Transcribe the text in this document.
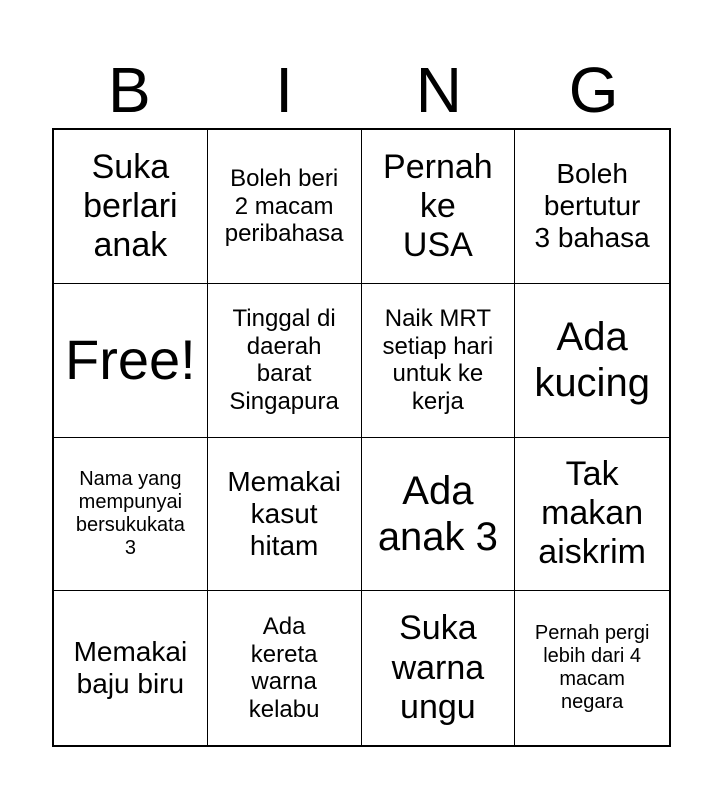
B	I	N	G
Suka
berlari
anak
Boleh beri
2 macam
peribahasa
Pernah
ke
USA
Boleh
bertutur
3 bahasa
Free!
Tinggal di
daerah
barat
Singapura
Naik MRT
setiap hari
untuk ke
kerja
Ada
kucing
Nama yang
mempunyai
bersukukata
3
Memakai
kasut
hitam
Ada
anak 3
Tak
makan
aiskrim
Memakai
baju biru
Ada
kereta
warna
kelabu
Suka
warna
ungu
Pernah pergi
lebih dari 4
macam
negara
